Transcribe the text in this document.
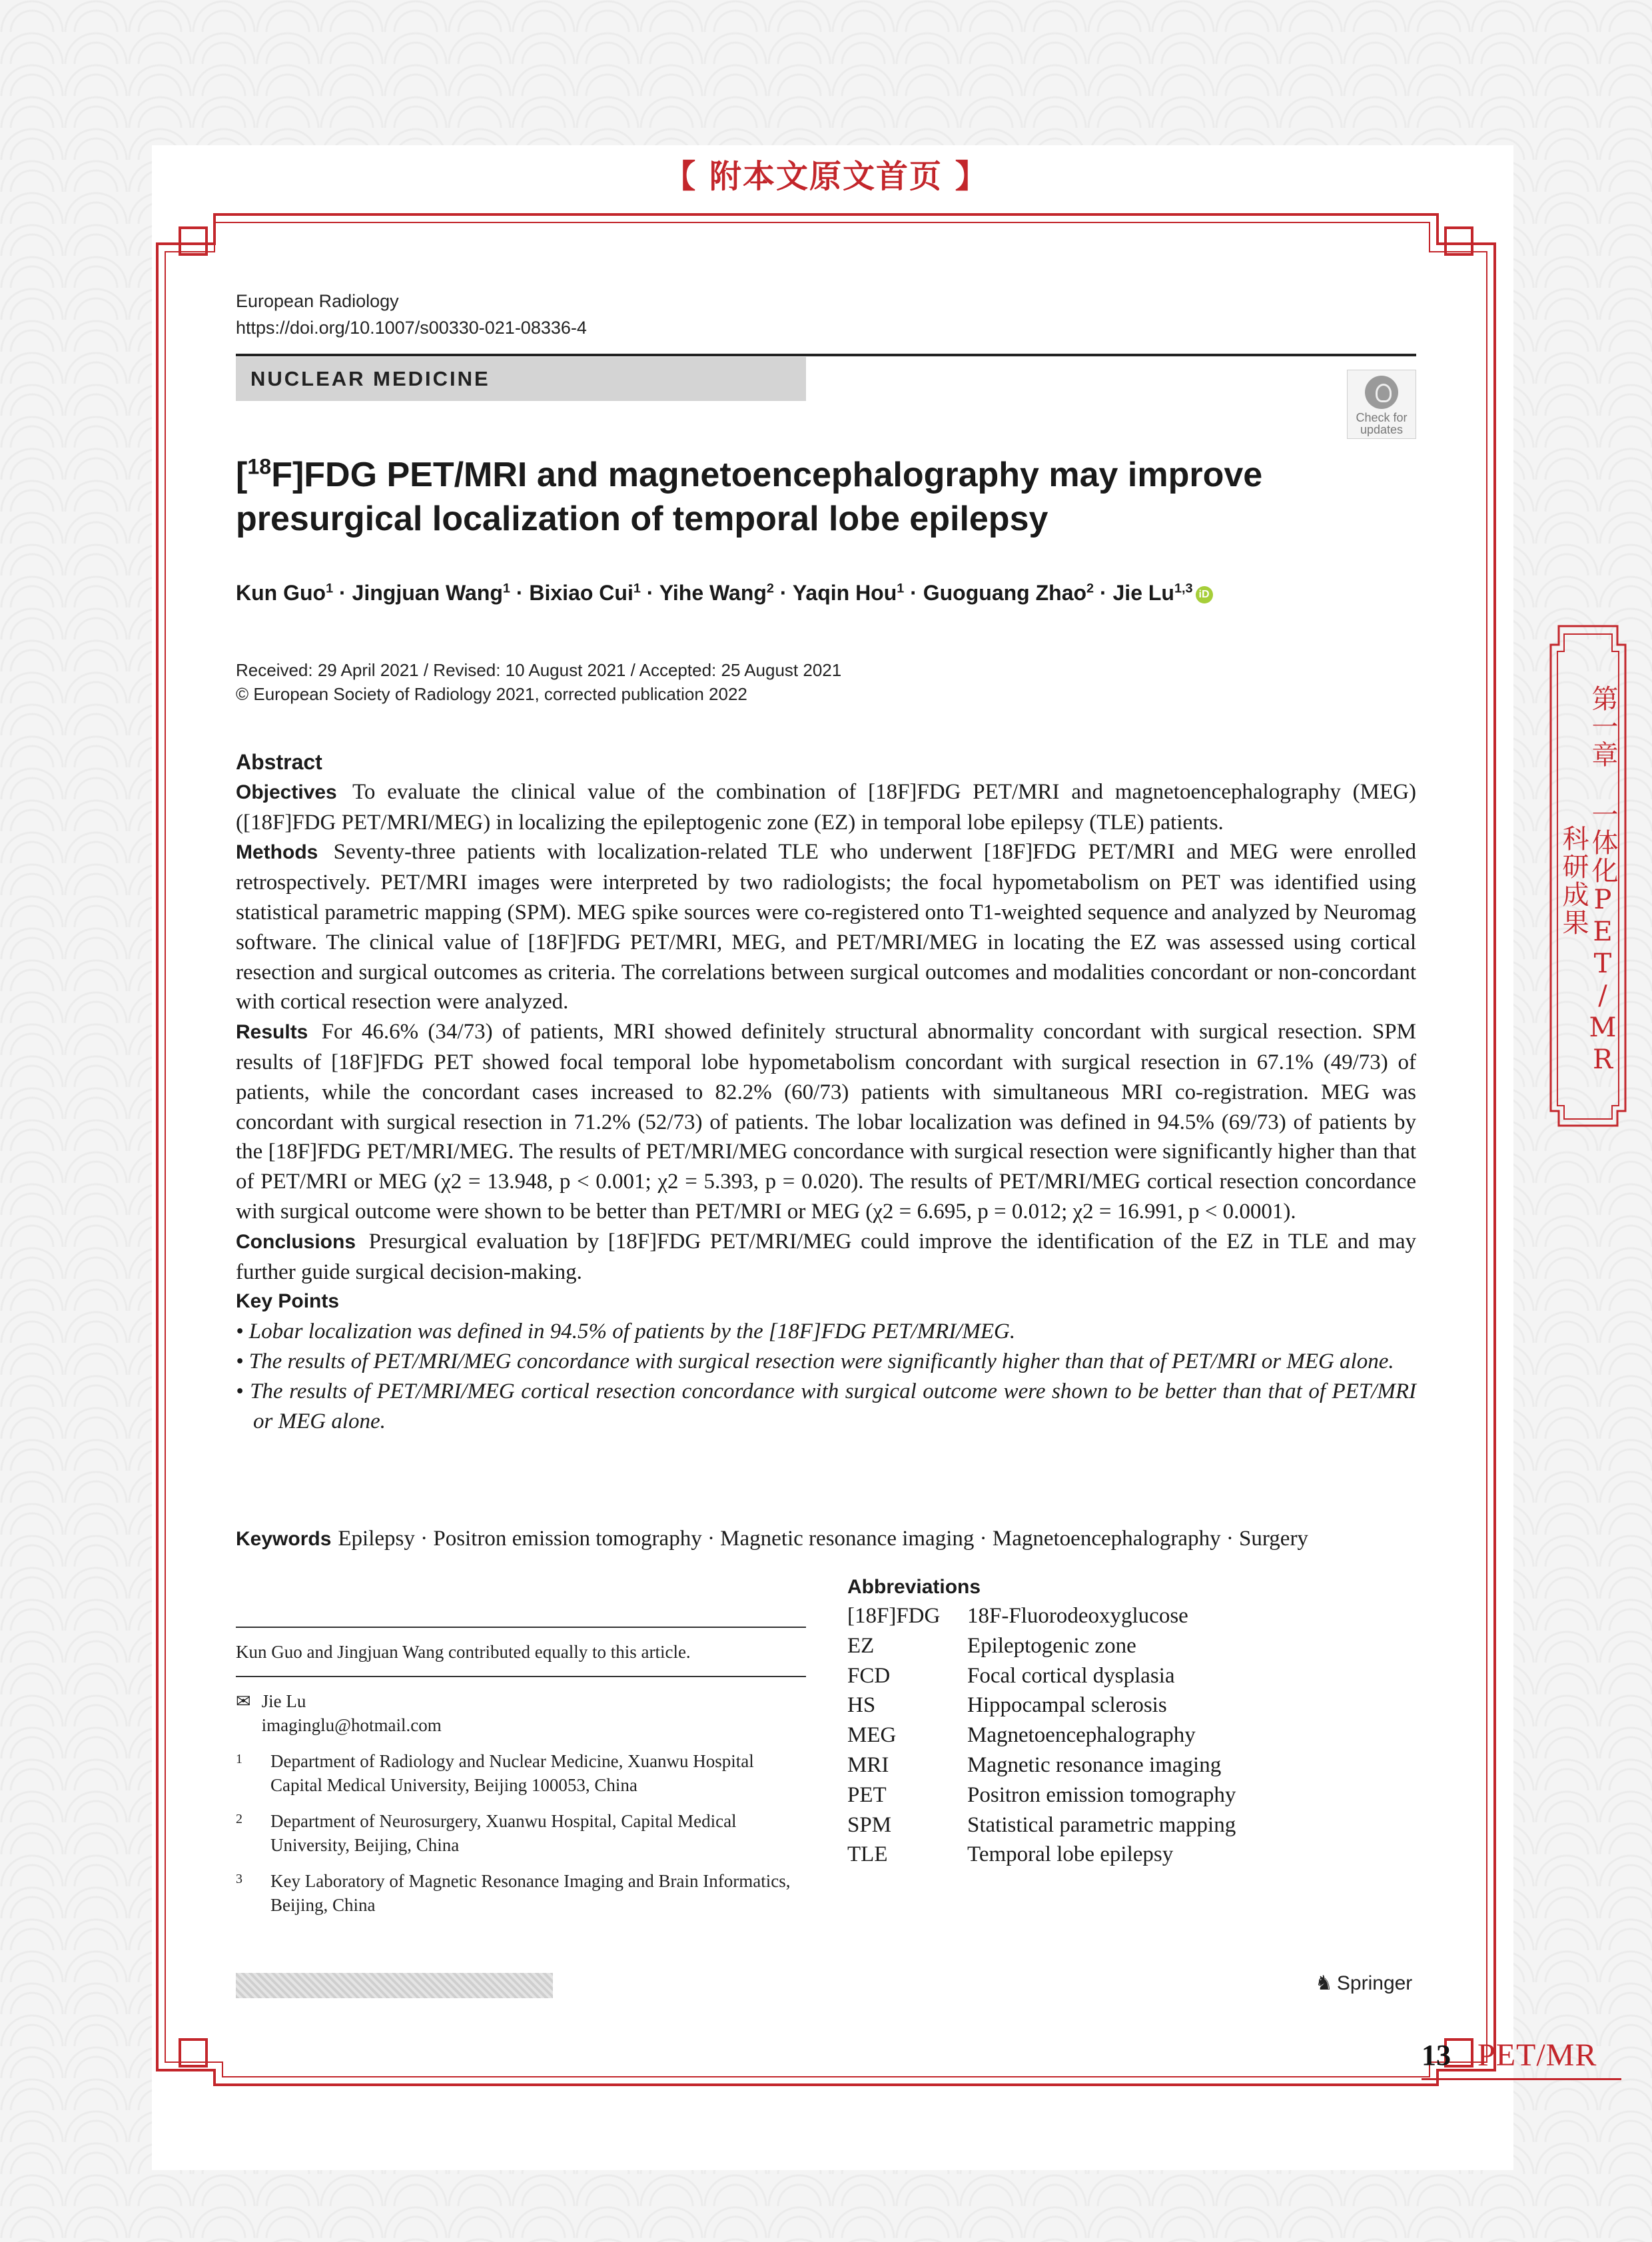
【 附本文原文首页 】
第一章 一体化PET/MR科研成果
European Radiology
https://doi.org/10.1007/s00330-021-08336-4
NUCLEAR MEDICINE
Check for
updates
[$^{18}$F]FDG PET/MRI and magnetoencephalography may improve presurgical localization of temporal lobe epilepsy
Kun Guo$^1$ · Jingjuan Wang$^1$ · Bixiao Cui$^1$ · Yihe Wang$^2$ · Yaqin Hou$^1$ · Guoguang Zhao$^2$ · Jie Lu$^{1,3}$ iD
Received: 29 April 2021 / Revised: 10 August 2021 / Accepted: 25 August 2021
© European Society of Radiology 2021, corrected publication 2022
Abstract

Objectives To evaluate the clinical value of the combination of [18F]FDG PET/MRI and magnetoencephalography (MEG) ([18F]FDG PET/MRI/MEG) in localizing the epileptogenic zone (EZ) in temporal lobe epilepsy (TLE) patients.

Methods Seventy-three patients with localization-related TLE who underwent [18F]FDG PET/MRI and MEG were enrolled retrospectively. PET/MRI images were interpreted by two radiologists; the focal hypometabolism on PET was identified using statistical parametric mapping (SPM). MEG spike sources were co-registered onto T1-weighted sequence and analyzed by Neuromag software. The clinical value of [18F]FDG PET/MRI, MEG, and PET/MRI/MEG in locating the EZ was assessed using cortical resection and surgical outcomes as criteria. The correlations between surgical outcomes and modalities concordant or non-concordant with cortical resection were analyzed.

Results For 46.6% (34/73) of patients, MRI showed definitely structural abnormality concordant with surgical resection. SPM results of [18F]FDG PET showed focal temporal lobe hypometabolism concordant with surgical resection in 67.1% (49/73) of patients, while the concordant cases increased to 82.2% (60/73) patients with simultaneous MRI co-registration. MEG was concordant with surgical resection in 71.2% (52/73) of patients. The lobar localization was defined in 94.5% (69/73) of patients by the [18F]FDG PET/MRI/MEG. The results of PET/MRI/MEG concordance with surgical resection were significantly higher than that of PET/MRI or MEG (χ2 = 13.948, p < 0.001; χ2 = 5.393, p = 0.020). The results of PET/MRI/MEG cortical resection concordance with surgical outcome were shown to be better than PET/MRI or MEG (χ2 = 6.695, p = 0.012; χ2 = 16.991, p < 0.0001).

Conclusions Presurgical evaluation by [18F]FDG PET/MRI/MEG could improve the identification of the EZ in TLE and may further guide surgical decision-making.

Key Points
• Lobar localization was defined in 94.5% of patients by the [18F]FDG PET/MRI/MEG.
• The results of PET/MRI/MEG concordance with surgical resection were significantly higher than that of PET/MRI or MEG alone.
• The results of PET/MRI/MEG cortical resection concordance with surgical outcome were shown to be better than that of PET/MRI or MEG alone.
Keywords Epilepsy · Positron emission tomography · Magnetic resonance imaging · Magnetoencephalography · Surgery
Kun Guo and Jingjuan Wang contributed equally to this article.
✉ Jie Lu
imaginglu@hotmail.com
1	Department of Radiology and Nuclear Medicine, Xuanwu Hospital Capital Medical University, Beijing 100053, China
2	Department of Neurosurgery, Xuanwu Hospital, Capital Medical University, Beijing, China
3	Key Laboratory of Magnetic Resonance Imaging and Brain Informatics, Beijing, China
Abbreviations
[18F]FDG	18F-Fluorodeoxyglucose
EZ	Epileptogenic zone
FCD	Focal cortical dysplasia
HS	Hippocampal sclerosis
MEG	Magnetoencephalography
MRI	Magnetic resonance imaging
PET	Positron emission tomography
SPM	Statistical parametric mapping
TLE	Temporal lobe epilepsy
♞ Springer
13 PET/MR
